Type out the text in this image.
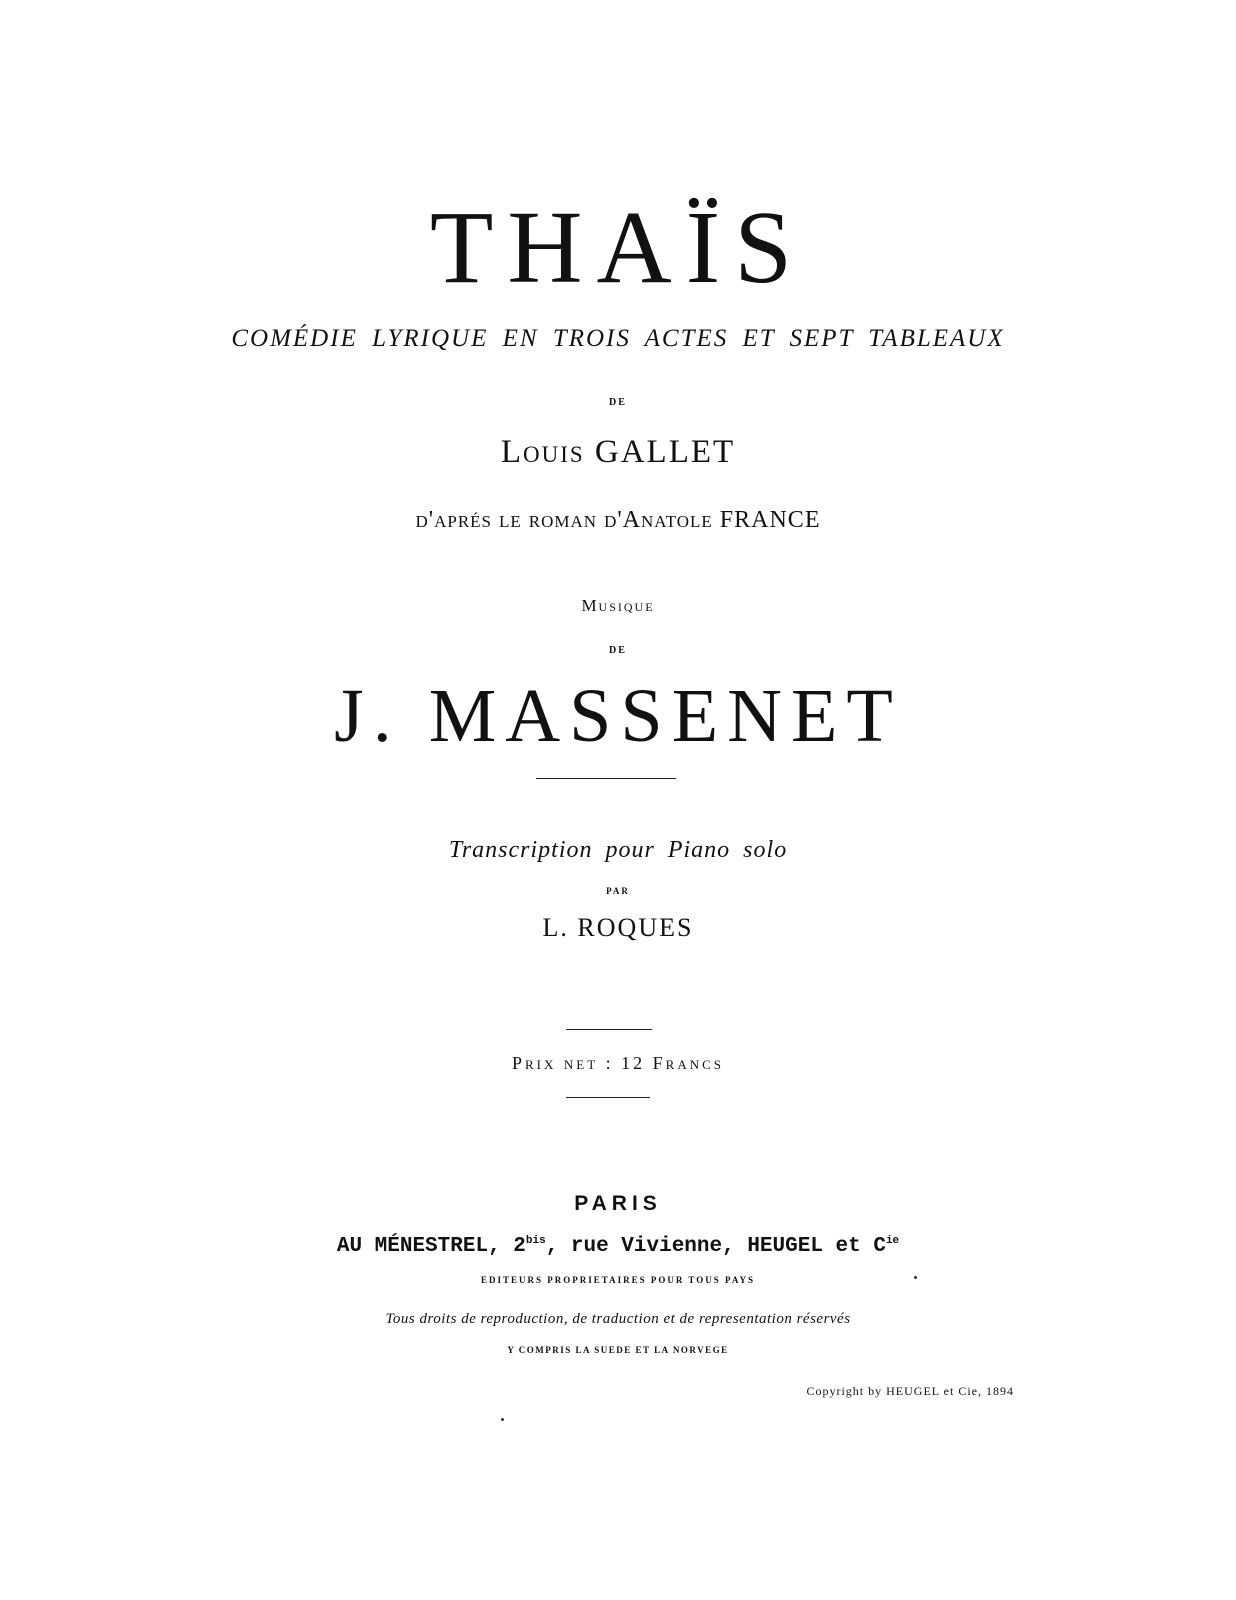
THAÏS
COMÉDIE LYRIQUE EN TROIS ACTES ET SEPT TABLEAUX
DE
Louis GALLET
d'aprés le roman d'Anatole FRANCE
Musique
DE
J. MASSENET
Transcription pour Piano solo
PAR
L. ROQUES
Prix net : 12 Francs
PARIS
AU MÉNESTREL, $2^{bis}$, rue Vivienne, HEUGEL et $C^{ie}$
EDITEURS PROPRIETAIRES POUR TOUS PAYS
Tous droits de reproduction, de traduction et de representation réservés
Y COMPRIS LA SUEDE ET LA NORVEGE
Copyright by HEUGEL et Cie, 1894
